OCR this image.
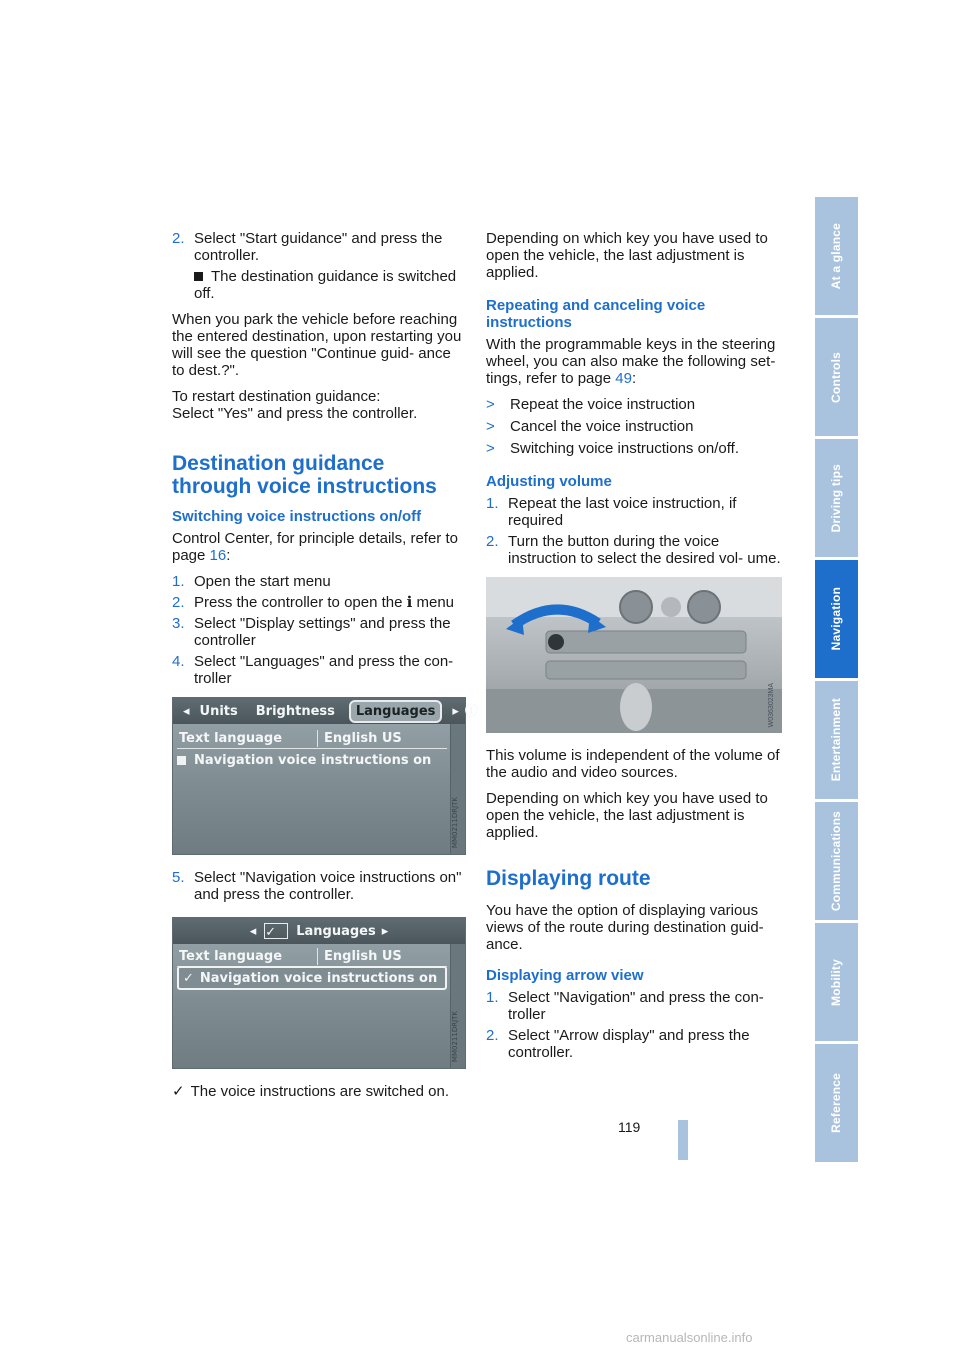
2. Select "Start guidance" and press the controller.

The destination guidance is switched off.

When you park the vehicle before reaching the entered destination, upon restarting you will see the question "Continue guid- ance to dest.?".

To restart destination guidance:

Select "Yes" and press the controller.

Destination guidance through voice instructions
Switching voice instructions on/off

Control Center, for principle details, refer to page 16:

1. Open the start menu
2. Press the controller to open the ℹ menu
3. Select "Display settings" and press the controller
4. Select "Languages" and press the con- troller
◂ Units Brightness	Languages	▸ ⓘ
Text language	English US
Navigation voice instructions on
MM0211DRJTK
5. Select "Navigation voice instructions on" and press the controller.
◂ ✓	Languages ▸
Text language	English US
✓ Navigation voice instructions on
MM0211DRJTK

✓ The voice instructions are switched on.

Depending on which key you have used to open the vehicle, the last adjustment is applied.

Repeating and canceling voice instructions

With the programmable keys in the steering wheel, you can also make the following set- tings, refer to page 49:

>	Repeat the voice instruction
>	Cancel the voice instruction
>	Switching voice instructions on/off.
Adjusting volume
1. Repeat the last voice instruction, if required
2. Turn the button during the voice instruction to select the desired vol- ume.
W0363023MA

This volume is independent of the volume of the audio and video sources.

Depending on which key you have used to open the vehicle, the last adjustment is applied.

Displaying route

You have the option of displaying various views of the route during destination guid- ance.

Displaying arrow view
1. Select "Navigation" and press the con- troller
2. Select "Arrow display" and press the controller.
At a glance
Controls
Driving tips
Navigation
Entertainment
Communications
Mobility
Reference
119
carmanualsonline.info
